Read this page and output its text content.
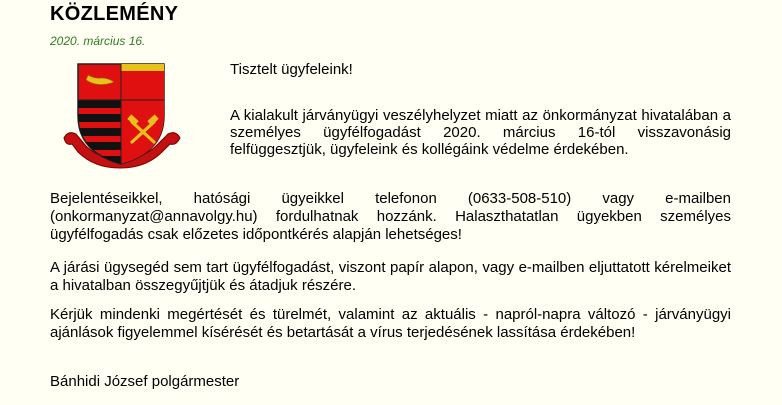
KÖZLEMÉNY
2020. március 16.
Tisztelt ügyfeleink!
A kialakult járványügyi veszélyhelyzet miatt az önkormányzat hivatalában a személyes ügyfélfogadást 2020. március 16-tól visszavonásig felfüggesztjük, ügyfeleink és kollégáink védelme érdekében.
Bejelentéseikkel, hatósági ügyeikkel telefonon (0633-508-510) vagy e-mailben (onkormanyzat@annavolgy.hu) fordulhatnak hozzánk. Halaszthatatlan ügyekben személyes ügyfélfogadás csak előzetes időpontkérés alapján lehetséges!
A járási ügysegéd sem tart ügyfélfogadást, viszont papír alapon, vagy e-mailben eljuttatott kérelmeiket a hivatalban összegyűjtjük és átadjuk részére.
Kérjük mindenki megértését és türelmét, valamint az aktuális - napról-napra változó - járványügyi ajánlások figyelemmel kísérését és betartását a vírus terjedésének lassítása érdekében!
Bánhidi József polgármester
